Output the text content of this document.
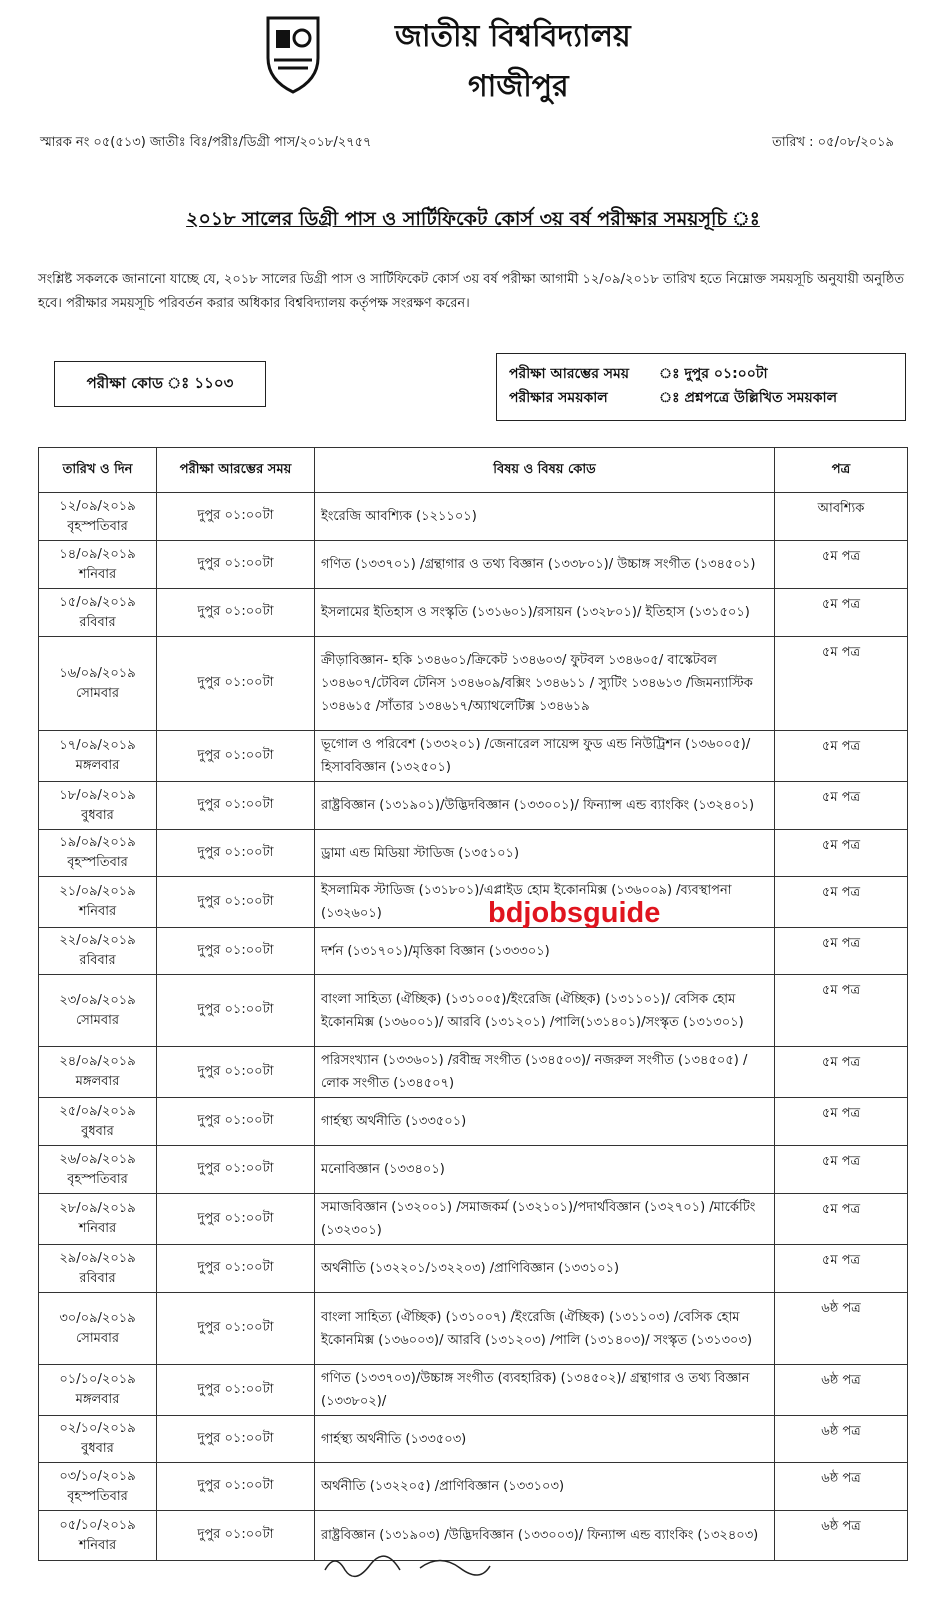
জাতীয় বিশ্ববিদ্যালয়
গাজীপুর
স্মারক নং ০৫(৫১৩) জাতীঃ বিঃ/পরীঃ/ডিগ্রী পাস/২০১৮/২৭৫৭	তারিখ : ০৫/০৮/২০১৯
২০১৮ সালের ডিগ্রী পাস ও সার্টিফিকেট কোর্স ৩য় বর্ষ পরীক্ষার সময়সূচি ঃ
সংশ্লিষ্ট সকলকে জানানো যাচ্ছে যে, ২০১৮ সালের ডিগ্রী পাস ও সার্টিফিকেট কোর্স ৩য় বর্ষ পরীক্ষা আগামী ১২/০৯/২০১৮ তারিখ হতে নিম্নোক্ত সময়সূচি অনুযায়ী অনুষ্ঠিত হবে। পরীক্ষার সময়সূচি পরিবর্তন করার অধিকার বিশ্ববিদ্যালয় কর্তৃপক্ষ সংরক্ষণ করেন।
পরীক্ষা কোড ঃ ১১০৩	পরীক্ষা আরম্ভের সময় ঃ দুপুর ০১:০০টা
পরীক্ষার সময়কাল	ঃ প্রশ্নপত্রে উল্লিখিত সময়কাল
তারিখ ও দিন	পরীক্ষা আরম্ভের সময়	বিষয় ও বিষয় কোড	পত্র

১২/০৯/২০১৯
বৃহস্পতিবার	দুপুর ০১:০০টা	ইংরেজি আবশ্যিক (১২১১০১)	আবশ্যিক

১৪/০৯/২০১৯
শনিবার	দুপুর ০১:০০টা	গণিত (১৩৩৭০১) /গ্রন্থাগার ও তথ্য বিজ্ঞান (১৩৩৮০১)/ উচ্চাঙ্গ সংগীত (১৩৪৫০১)	৫ম পত্র

১৫/০৯/২০১৯
রবিবার	দুপুর ০১:০০টা	ইসলামের ইতিহাস ও সংস্কৃতি (১৩১৬০১)/রসায়ন (১৩২৮০১)/ ইতিহাস (১৩১৫০১)	৫ম পত্র

১৬/০৯/২০১৯
সোমবার	দুপুর ০১:০০টা	ক্রীড়াবিজ্ঞান- হকি ১৩৪৬০১/ক্রিকেট ১৩৪৬০৩/ ফুটবল ১৩৪৬০৫/ বাস্কেটবল ১৩৪৬০৭/টেবিল টেনিস ১৩৪৬০৯/বক্সিং ১৩৪৬১১ / স্যুটিং ১৩৪৬১৩ /জিমন্যাস্টিক ১৩৪৬১৫ /সাঁতার ১৩৪৬১৭/অ্যাথলেটিক্স ১৩৪৬১৯	৫ম পত্র

১৭/০৯/২০১৯
মঙ্গলবার	দুপুর ০১:০০টা	ভূগোল ও পরিবেশ (১৩৩২০১) /জেনারেল সায়েন্স ফুড এন্ড নিউট্রিশন (১৩৬০০৫)/ হিসাববিজ্ঞান (১৩২৫০১)	৫ম পত্র

১৮/০৯/২০১৯
বুধবার	দুপুর ০১:০০টা	রাষ্ট্রবিজ্ঞান (১৩১৯০১)/উদ্ভিদবিজ্ঞান (১৩৩০০১)/ ফিন্যান্স এন্ড ব্যাংকিং (১৩২৪০১)	৫ম পত্র

১৯/০৯/২০১৯
বৃহস্পতিবার	দুপুর ০১:০০টা	ড্রামা এন্ড মিডিয়া স্টাডিজ (১৩৫১০১)	৫ম পত্র

২১/০৯/২০১৯
শনিবার	দুপুর ০১:০০টা	ইসলামিক স্টাডিজ (১৩১৮০১)/এপ্লাইড হোম ইকোনমিক্স (১৩৬০০৯) /ব্যবস্থাপনা (১৩২৬০১)	৫ম পত্র

২২/০৯/২০১৯
রবিবার	দুপুর ০১:০০টা	দর্শন (১৩১৭০১)/মৃত্তিকা বিজ্ঞান (১৩৩৩০১)	৫ম পত্র

২৩/০৯/২০১৯
সোমবার	দুপুর ০১:০০টা	বাংলা সাহিত্য (ঐচ্ছিক) (১৩১০০৫)/ইংরেজি (ঐচ্ছিক) (১৩১১০১)/ বেসিক হোম ইকোনমিক্স (১৩৬০০১)/ আরবি (১৩১২০১) /পালি(১৩১৪০১)/সংস্কৃত (১৩১৩০১)	৫ম পত্র

২৪/০৯/২০১৯
মঙ্গলবার	দুপুর ০১:০০টা	পরিসংখ্যান (১৩৩৬০১) /রবীন্দ্র সংগীত (১৩৪৫০৩)/ নজরুল সংগীত (১৩৪৫০৫) /লোক সংগীত (১৩৪৫০৭)	৫ম পত্র

২৫/০৯/২০১৯
বুধবার	দুপুর ০১:০০টা	গার্হস্থ্য অর্থনীতি (১৩৩৫০১)	৫ম পত্র

২৬/০৯/২০১৯
বৃহস্পতিবার	দুপুর ০১:০০টা	মনোবিজ্ঞান (১৩৩৪০১)	৫ম পত্র

২৮/০৯/২০১৯
শনিবার	দুপুর ০১:০০টা	সমাজবিজ্ঞান (১৩২০০১) /সমাজকর্ম (১৩২১০১)/পদার্থবিজ্ঞান (১৩২৭০১) /মার্কেটিং (১৩২৩০১)	৫ম পত্র

২৯/০৯/২০১৯
রবিবার	দুপুর ০১:০০টা	অর্থনীতি (১৩২২০১/১৩২২০৩) /প্রাণিবিজ্ঞান (১৩৩১০১)	৫ম পত্র

৩০/০৯/২০১৯
সোমবার	দুপুর ০১:০০টা	বাংলা সাহিত্য (ঐচ্ছিক) (১৩১০০৭) /ইংরেজি (ঐচ্ছিক) (১৩১১০৩) /বেসিক হোম ইকোনমিক্স (১৩৬০০৩)/ আরবি (১৩১২০৩) /পালি (১৩১৪০৩)/ সংস্কৃত (১৩১৩০৩)	৬ষ্ঠ পত্র

০১/১০/২০১৯
মঙ্গলবার	দুপুর ০১:০০টা	গণিত (১৩৩৭০৩)/উচ্চাঙ্গ সংগীত (ব্যবহারিক) (১৩৪৫০২)/ গ্রন্থাগার ও তথ্য বিজ্ঞান (১৩৩৮০২)/	৬ষ্ঠ পত্র

০২/১০/২০১৯
বুধবার	দুপুর ০১:০০টা	গার্হস্থ্য অর্থনীতি (১৩৩৫০৩)	৬ষ্ঠ পত্র

০৩/১০/২০১৯
বৃহস্পতিবার	দুপুর ০১:০০টা	অর্থনীতি (১৩২২০৫) /প্রাণিবিজ্ঞান (১৩৩১০৩)	৬ষ্ঠ পত্র

০৫/১০/২০১৯
শনিবার	দুপুর ০১:০০টা	রাষ্ট্রবিজ্ঞান (১৩১৯০৩) /উদ্ভিদবিজ্ঞান (১৩৩০০৩)/ ফিন্যান্স এন্ড ব্যাংকিং (১৩২৪০৩)	৬ষ্ঠ পত্র
bdjobsguide
